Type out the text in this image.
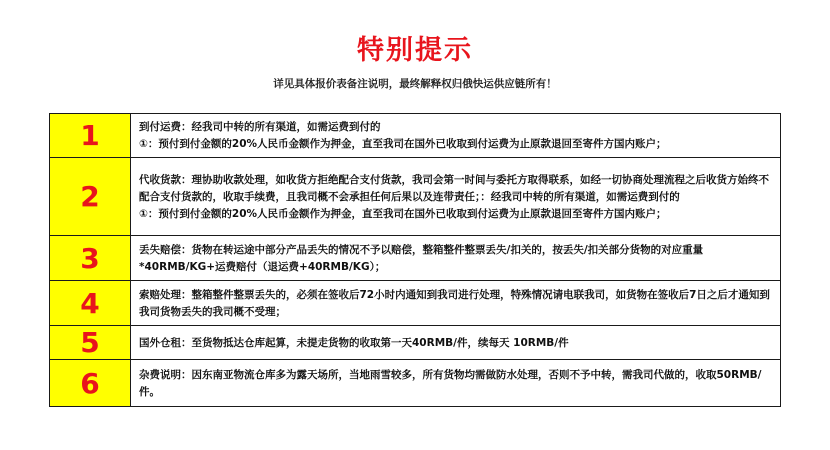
特别提示
详见具体报价表备注说明，最终解释权归俄快运供应链所有！
1	到付运费：经我司中转的所有渠道，如需运费到付的
①：预付到付金额的20%人民币金额作为押金，直至我司在国外已收取到付运费为止原款退回至寄件方国内账户；

2	代收货款：理协助收款处理，如收货方拒绝配合支付货款，我司会第一时间与委托方取得联系，如经一切协商处理流程之后收货方始终不配合支付货款的，收取手续费，且我司概不会承担任何后果以及连带责任；：经我司中转的所有渠道，如需运费到付的
①：预付到付金额的20%人民币金额作为押金，直至我司在国外已收取到付运费为止原款退回至寄件方国内账户；

3	丢失赔偿：货物在转运途中部分产品丢失的情况不予以赔偿，整箱整件整票丢失/扣关的，按丢失/扣关部分货物的对应重量*40RMB/KG+运费赔付（退运费+40RMB/KG）；

4	索赔处理：整箱整件整票丢失的，必须在签收后72小时内通知到我司进行处理，特殊情况请电联我司，如货物在签收后7日之后才通知到我司货物丢失的我司概不受理；

5	国外仓租：至货物抵达仓库起算，未提走货物的收取第一天40RMB/件，续每天 10RMB/件

6	杂费说明：因东南亚物流仓库多为露天场所，当地雨雪较多，所有货物均需做防水处理，否则不予中转，需我司代做的，收取50RMB/件。
